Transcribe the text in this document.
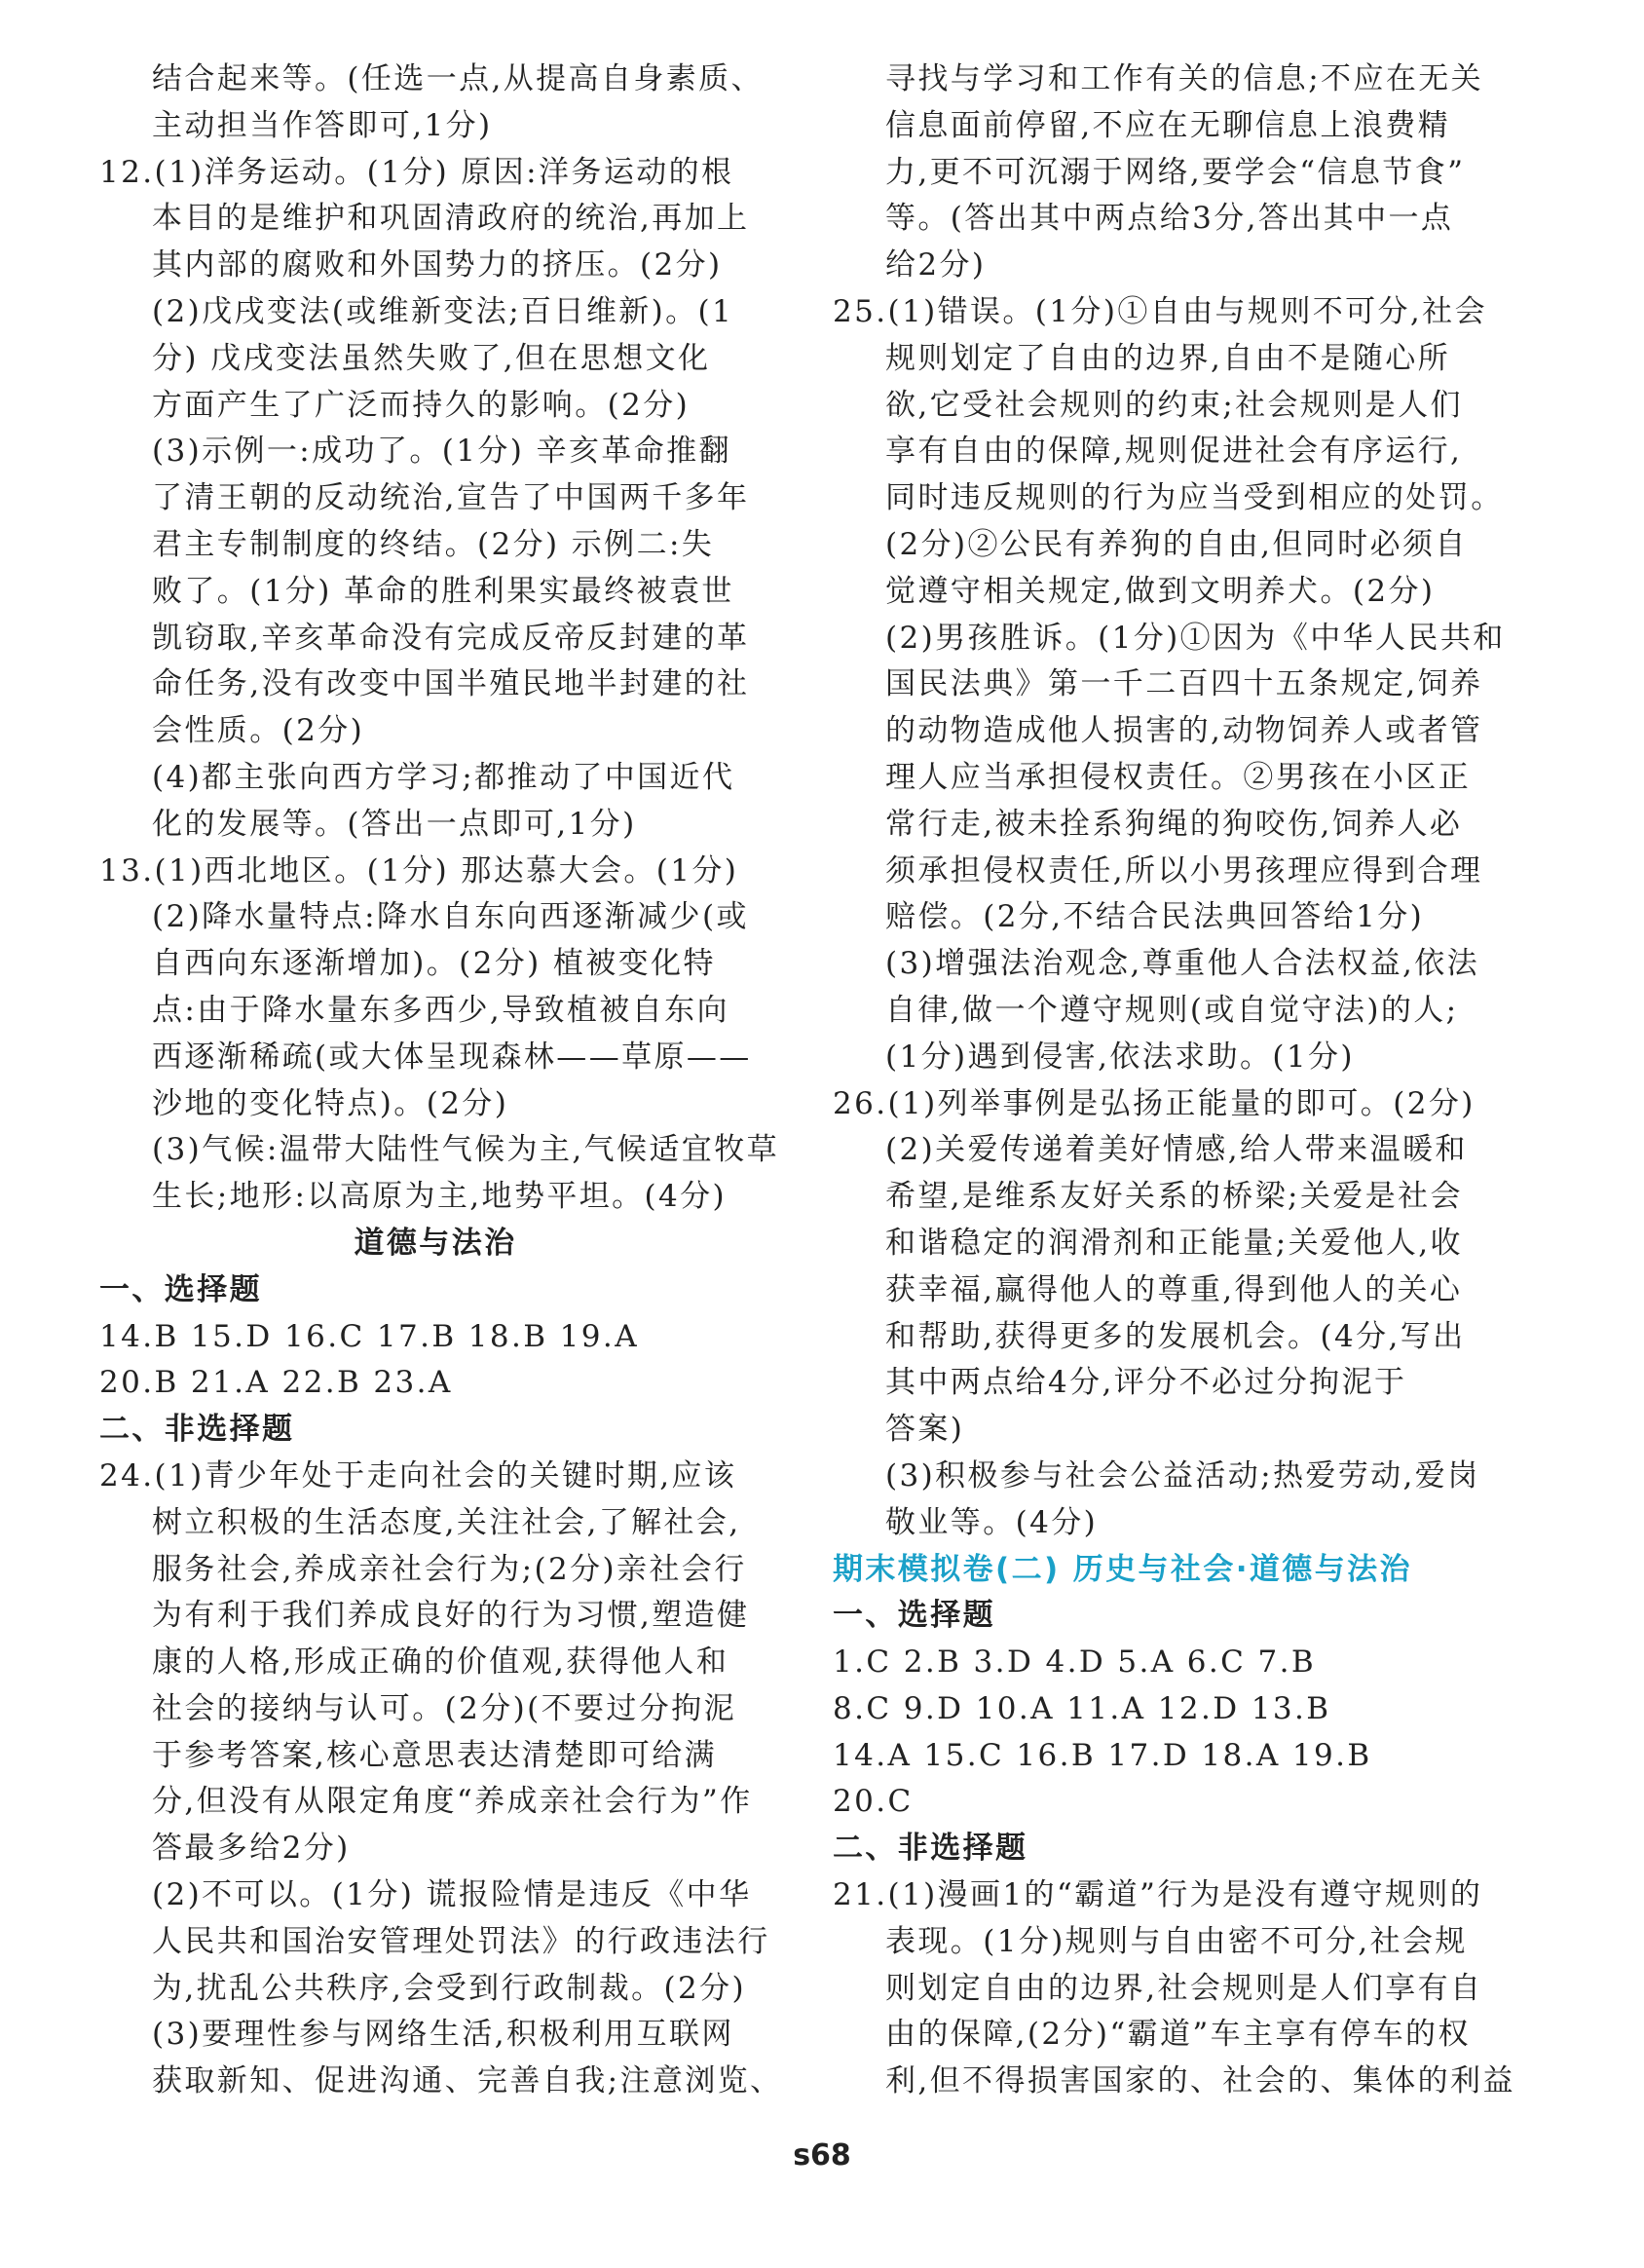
结合起来等。(任选一点,从提高自身素质、
主动担当作答即可,1分)
12.(1)洋务运动。(1分) 原因:洋务运动的根
本目的是维护和巩固清政府的统治,再加上
其内部的腐败和外国势力的挤压。(2分)
(2)戊戌变法(或维新变法;百日维新)。(1
分) 戊戌变法虽然失败了,但在思想文化
方面产生了广泛而持久的影响。(2分)
(3)示例一:成功了。(1分) 辛亥革命推翻
了清王朝的反动统治,宣告了中国两千多年
君主专制制度的终结。(2分) 示例二:失
败了。(1分) 革命的胜利果实最终被袁世
凯窃取,辛亥革命没有完成反帝反封建的革
命任务,没有改变中国半殖民地半封建的社
会性质。(2分)
(4)都主张向西方学习;都推动了中国近代
化的发展等。(答出一点即可,1分)
13.(1)西北地区。(1分) 那达慕大会。(1分)
(2)降水量特点:降水自东向西逐渐减少(或
自西向东逐渐增加)。(2分) 植被变化特
点:由于降水量东多西少,导致植被自东向
西逐渐稀疏(或大体呈现森林——草原——
沙地的变化特点)。(2分)
(3)气候:温带大陆性气候为主,气候适宜牧草
生长;地形:以高原为主,地势平坦。(4分)
道德与法治
一、选择题
14.B 15.D 16.C 17.B 18.B 19.A
20.B 21.A 22.B 23.A
二、非选择题
24.(1)青少年处于走向社会的关键时期,应该
树立积极的生活态度,关注社会,了解社会,
服务社会,养成亲社会行为;(2分)亲社会行
为有利于我们养成良好的行为习惯,塑造健
康的人格,形成正确的价值观,获得他人和
社会的接纳与认可。(2分)(不要过分拘泥
于参考答案,核心意思表达清楚即可给满
分,但没有从限定角度“养成亲社会行为”作
答最多给2分)
(2)不可以。(1分) 谎报险情是违反《中华
人民共和国治安管理处罚法》的行政违法行
为,扰乱公共秩序,会受到行政制裁。(2分)
(3)要理性参与网络生活,积极利用互联网
获取新知、促进沟通、完善自我;注意浏览、
寻找与学习和工作有关的信息;不应在无关
信息面前停留,不应在无聊信息上浪费精
力,更不可沉溺于网络,要学会“信息节食”
等。(答出其中两点给3分,答出其中一点
给2分)
25.(1)错误。(1分)①自由与规则不可分,社会
规则划定了自由的边界,自由不是随心所
欲,它受社会规则的约束;社会规则是人们
享有自由的保障,规则促进社会有序运行,
同时违反规则的行为应当受到相应的处罚。
(2分)②公民有养狗的自由,但同时必须自
觉遵守相关规定,做到文明养犬。(2分)
(2)男孩胜诉。(1分)①因为《中华人民共和
国民法典》第一千二百四十五条规定,饲养
的动物造成他人损害的,动物饲养人或者管
理人应当承担侵权责任。②男孩在小区正
常行走,被未拴系狗绳的狗咬伤,饲养人必
须承担侵权责任,所以小男孩理应得到合理
赔偿。(2分,不结合民法典回答给1分)
(3)增强法治观念,尊重他人合法权益,依法
自律,做一个遵守规则(或自觉守法)的人;
(1分)遇到侵害,依法求助。(1分)
26.(1)列举事例是弘扬正能量的即可。(2分)
(2)关爱传递着美好情感,给人带来温暖和
希望,是维系友好关系的桥梁;关爱是社会
和谐稳定的润滑剂和正能量;关爱他人,收
获幸福,赢得他人的尊重,得到他人的关心
和帮助,获得更多的发展机会。(4分,写出
其中两点给4分,评分不必过分拘泥于
答案)
(3)积极参与社会公益活动;热爱劳动,爱岗
敬业等。(4分)
期末模拟卷(二) 历史与社会·道德与法治
一、选择题
1.C 2.B 3.D 4.D 5.A 6.C 7.B
8.C 9.D 10.A 11.A 12.D 13.B
14.A 15.C 16.B 17.D 18.A 19.B
20.C
二、非选择题
21.(1)漫画1的“霸道”行为是没有遵守规则的
表现。(1分)规则与自由密不可分,社会规
则划定自由的边界,社会规则是人们享有自
由的保障,(2分)“霸道”车主享有停车的权
利,但不得损害国家的、社会的、集体的利益
s68
